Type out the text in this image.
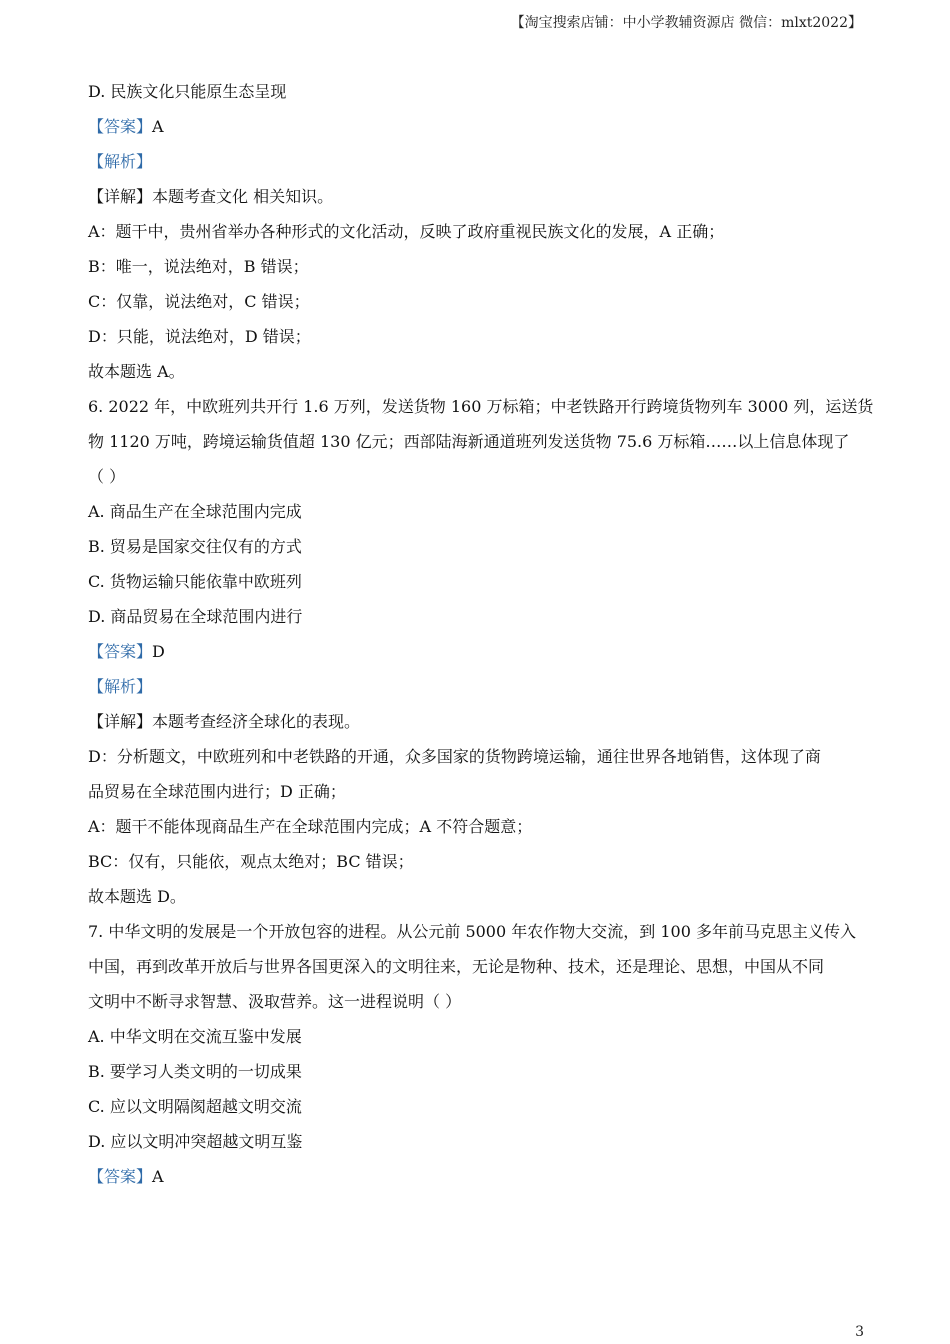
【淘宝搜索店铺：中小学教辅资源店 微信：mlxt2022】
D. 民族文化只能原生态呈现
【答案】A
【解析】
【详解】本题考查文化 相关知识。
A：题干中，贵州省举办各种形式的文化活动，反映了政府重视民族文化的发展，A 正确；
B：唯一，说法绝对，B 错误；
C：仅靠，说法绝对，C 错误；
D：只能，说法绝对，D 错误；
故本题选 A。
6. 2022 年，中欧班列共开行 1.6 万列，发送货物 160 万标箱；中老铁路开行跨境货物列车 3000 列，运送货
物 1120 万吨，跨境运输货值超 130 亿元；西部陆海新通道班列发送货物 75.6 万标箱……以上信息体现了
（ ）
A. 商品生产在全球范围内完成
B. 贸易是国家交往仅有的方式
C. 货物运输只能依靠中欧班列
D. 商品贸易在全球范围内进行
【答案】D
【解析】
【详解】本题考查经济全球化的表现。
D：分析题文，中欧班列和中老铁路的开通，众多国家的货物跨境运输，通往世界各地销售，这体现了商
品贸易在全球范围内进行；D 正确；
A：题干不能体现商品生产在全球范围内完成；A 不符合题意；
BC：仅有，只能依，观点太绝对；BC 错误；
故本题选 D。
7. 中华文明的发展是一个开放包容的进程。从公元前 5000 年农作物大交流，到 100 多年前马克思主义传入
中国，再到改革开放后与世界各国更深入的文明往来，无论是物种、技术，还是理论、思想，中国从不同
文明中不断寻求智慧、汲取营养。这一进程说明（ ）
A. 中华文明在交流互鉴中发展
B. 要学习人类文明的一切成果
C. 应以文明隔阂超越文明交流
D. 应以文明冲突超越文明互鉴
【答案】A
3
